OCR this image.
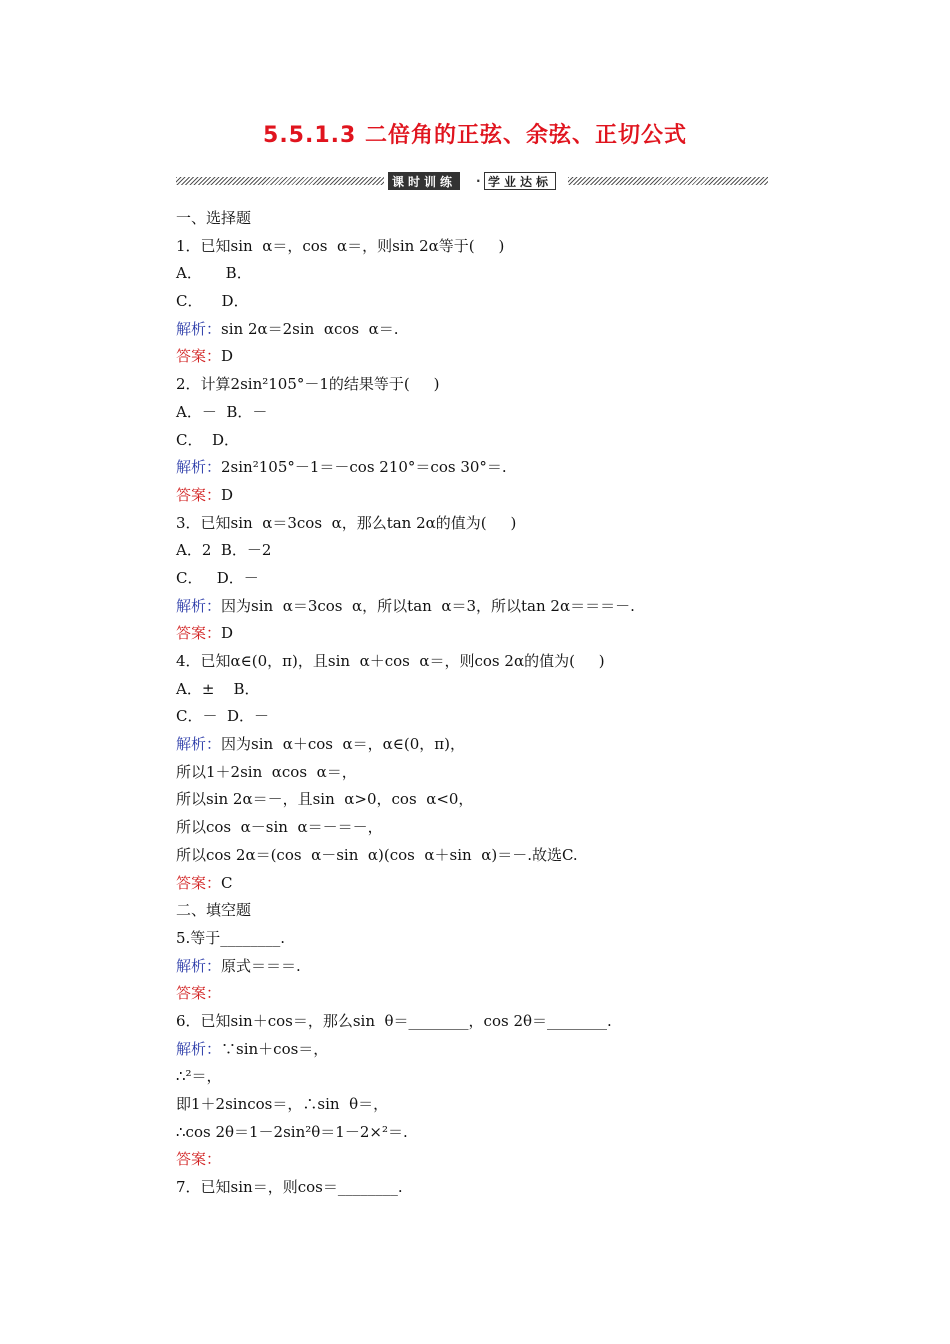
5.5.1.3 二倍角的正弦、余弦、正切公式
课时训练	· 学业达标
一、选择题
1．已知sin  α＝，cos  α＝，则sin 2α等于(     )
A．     B．
C．    D．
解析：sin 2α＝2sin  αcos  α＝.
答案：D
2．计算2sin²105°－1的结果等于(     )
A．－  B．－
C．  D．
解析：2sin²105°－1＝－cos 210°＝cos 30°＝.
答案：D
3．已知sin  α＝3cos  α，那么tan 2α的值为(     )
A．2  B．－2
C．   D．－
解析：因为sin  α＝3cos  α，所以tan  α＝3，所以tan 2α＝＝＝－.
答案：D
4．已知α∈(0，π)，且sin  α＋cos  α＝，则cos 2α的值为(     )
A．±    B．
C．－  D．－
解析：因为sin  α＋cos  α＝，α∈(0，π)，
所以1＋2sin  αcos  α＝，
所以sin 2α＝－，且sin  α>0，cos  α<0，
所以cos  α－sin  α＝－＝－，
所以cos 2α＝(cos  α－sin  α)(cos  α＋sin  α)＝－.故选C.
答案：C
二、填空题
5.等于________.
解析：原式＝＝＝.
答案：
6．已知sin＋cos＝，那么sin  θ＝________，cos 2θ＝________.
解析：∵sin＋cos＝，
∴²＝，
即1＋2sincos＝，∴sin  θ＝，
∴cos 2θ＝1－2sin²θ＝1－2×²＝.
答案：
7．已知sin＝，则cos＝________.
